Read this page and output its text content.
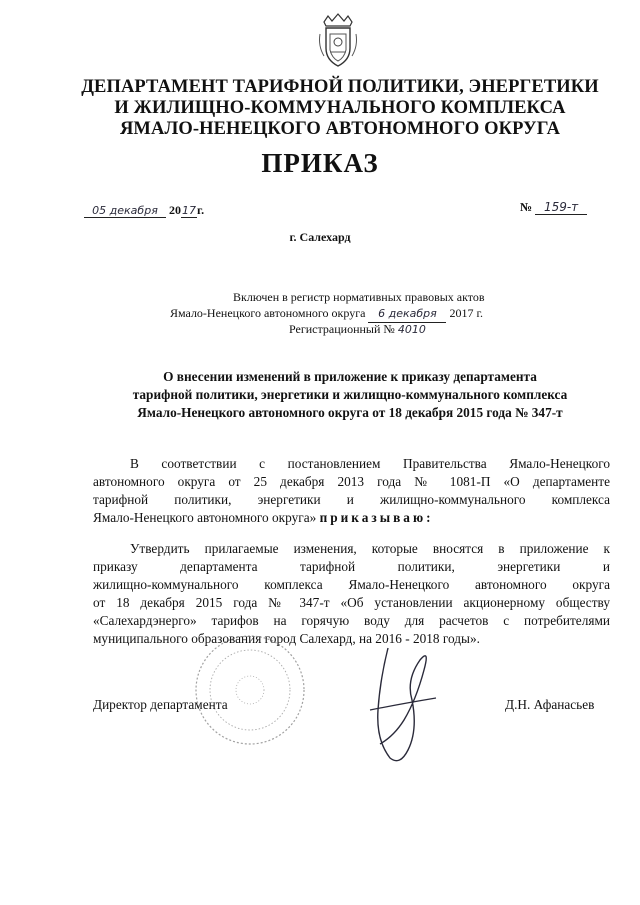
ДЕПАРТАМЕНТ ТАРИФНОЙ ПОЛИТИКИ, ЭНЕРГЕТИКИ
И ЖИЛИЩНО-КОММУНАЛЬНОГО КОМПЛЕКСА
ЯМАЛО-НЕНЕЦКОГО АВТОНОМНОГО ОКРУГА
ПРИКАЗ
05 декабря 2017г.	№ 159-т
г. Салехард
Включен в регистр нормативных правовых актов
Ямало-Ненецкого автономного округа 6 декабря 2017 г.
Регистрационный № 4010
О внесении изменений в приложение к приказу департамента
тарифной политики, энергетики и жилищно-коммунального комплекса
Ямало-Ненецкого автономного округа от 18 декабря 2015 года № 347-т
В соответствии с постановлением Правительства Ямало-Ненецкого
автономного округа от 25 декабря 2013 года № 1081-П «О департаменте
тарифной политики, энергетики и жилищно-коммунального комплекса
Ямало-Ненецкого автономного округа» приказываю:
Утвердить прилагаемые изменения, которые вносятся в приложение к
приказу департамента тарифной политики, энергетики и
жилищно-коммунального комплекса Ямало-Ненецкого автономного округа
от 18 декабря 2015 года № 347-т «Об установлении акционерному обществу
«Салехардэнерго» тарифов на горячую воду для расчетов с потребителями
муниципального образования город Салехард, на 2016 - 2018 годы».
Директор департамента	Д.Н. Афанасьев
